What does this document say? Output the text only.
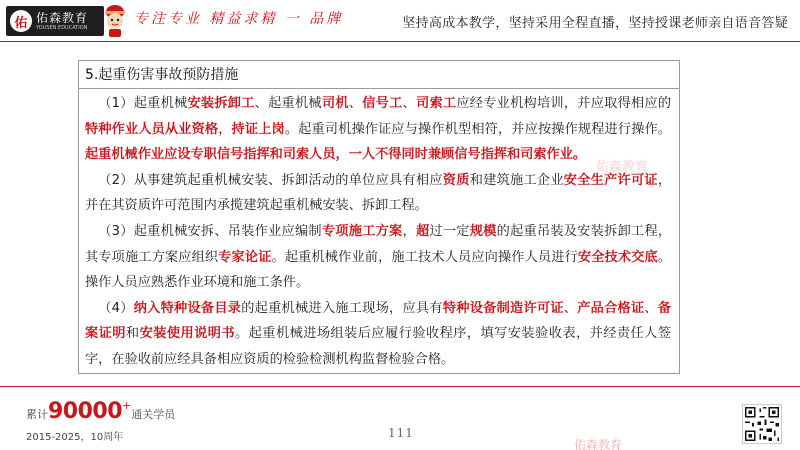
佑 佑森教育
YOUSEN EDUCATION
专注专业 精益求精 一 品牌	坚持高成本教学，坚持采用全程直播，坚持授课老师亲自语音答疑
5.起重伤害事故预防措施

（1）起重机械安装拆卸工、起重机械司机、信号工、司索工应经专业机构培训，并应取得相应的特种作业人员从业资格，持证上岗。起重司机操作证应与操作机型相符，并应按操作规程进行操作。起重机械作业应设专职信号指挥和司索人员，一人不得同时兼顾信号指挥和司索作业。

（2）从事建筑起重机械安装、拆卸活动的单位应具有相应资质和建筑施工企业安全生产许可证，并在其资质许可范围内承揽建筑起重机械安装、拆卸工程。

（3）起重机械安拆、吊装作业应编制专项施工方案，超过一定规模的起重吊装及安装拆卸工程，其专项施工方案应组织专家论证。起重机械作业前，施工技术人员应向操作人员进行安全技术交底。操作人员应熟悉作业环境和施工条件。

（4）纳入特种设备目录的起重机械进入施工现场，应具有特种设备制造许可证、产品合格证、备案证明和安装使用说明书。起重机械进场组装后应履行验收程序，填写安装验收表，并经责任人签字，在验收前应经具备相应资质的检验检测机构监督检验合格。

佑森教育
累计90000+通关学员
2015-2025，10周年	111
佑森教育
